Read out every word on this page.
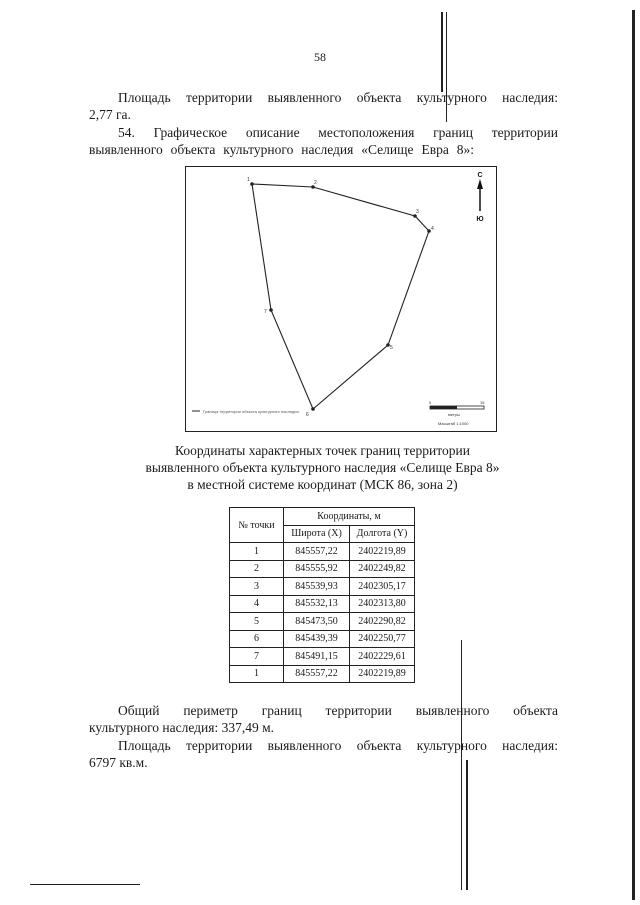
58
Площадь территории выявленного объекта культурного наследия:
2,77 га.
54. Графическое описание местоположения границ территории
выявленного объекта культурного наследия «Селище Евра 8»:
1	2
3
4
5
6
7
С
Ю
0	15
метры
Масштаб 1:1000
Граница территории объекта культурного наследия
Координаты характерных точек границ территории
выявленного объекта культурного наследия «Селище Евра 8»
в местной системе координат (МСК 86, зона 2)
№ точки	Координаты, м	
	Широта (X)	Долгота (Y)
1	845557,22	2402219,89
2	845555,92	2402249,82
3	845539,93	2402305,17
4	845532,13	2402313,80
5	845473,50	2402290,82
6	845439,39	2402250,77
7	845491,15	2402229,61
1	845557,22	2402219,89
Общий периметр границ территории выявленного объекта
культурного наследия: 337,49 м.
Площадь территории выявленного объекта культурного наследия:
6797 кв.м.
